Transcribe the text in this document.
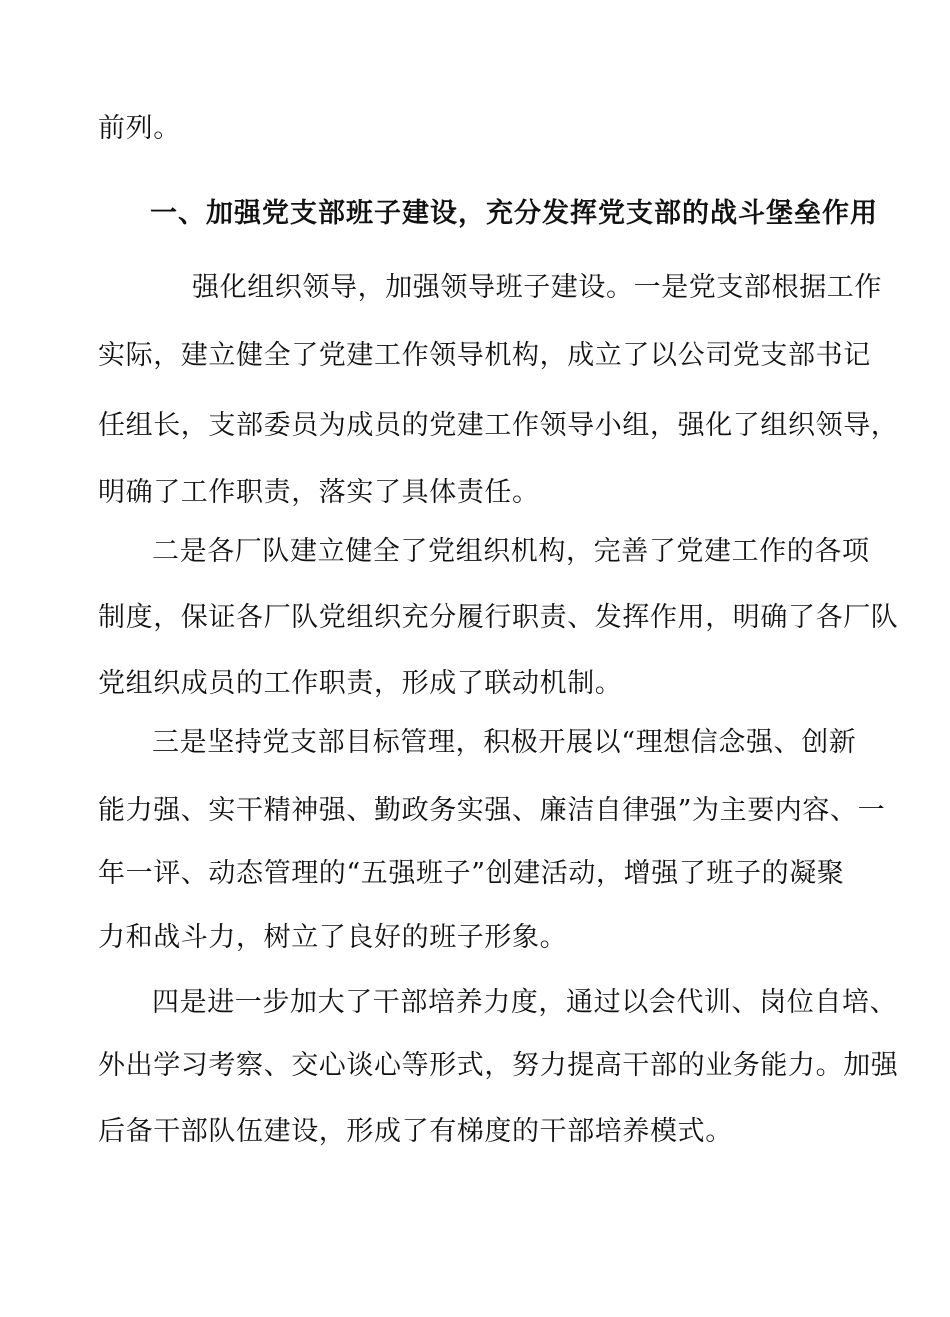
前列。
一、加强党支部班子建设，充分发挥党支部的战斗堡垒作用
强化组织领导，加强领导班子建设。一是党支部根据工作
实际，建立健全了党建工作领导机构，成立了以公司党支部书记
任组长，支部委员为成员的党建工作领导小组，强化了组织领导，
明确了工作职责，落实了具体责任。
二是各厂队建立健全了党组织机构，完善了党建工作的各项
制度，保证各厂队党组织充分履行职责、发挥作用，明确了各厂队
党组织成员的工作职责，形成了联动机制。
三是坚持党支部目标管理，积极开展以“理想信念强、创新
能力强、实干精神强、勤政务实强、廉洁自律强”为主要内容、一
年一评、动态管理的“五强班子”创建活动，增强了班子的凝聚
力和战斗力，树立了良好的班子形象。
四是进一步加大了干部培养力度，通过以会代训、岗位自培、
外出学习考察、交心谈心等形式，努力提高干部的业务能力。加强
后备干部队伍建设，形成了有梯度的干部培养模式。
